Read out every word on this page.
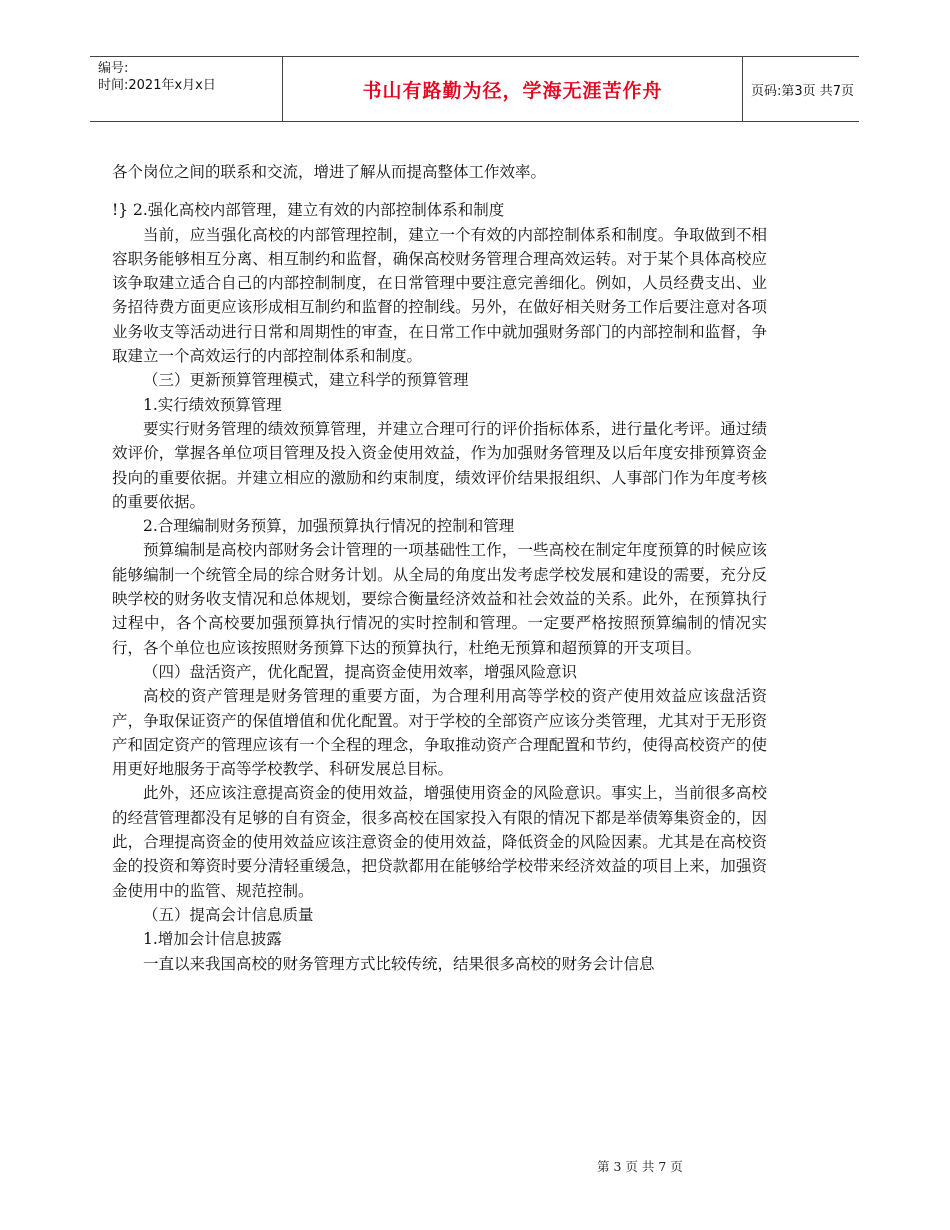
编号:
时间:2021年x月x日	书山有路勤为径，学海无涯苦作舟	页码:第3页 共7页

各个岗位之间的联系和交流，增进了解从而提高整体工作效率。

!} 2.强化高校内部管理，建立有效的内部控制体系和制度

当前，应当强化高校的内部管理控制，建立一个有效的内部控制体系和制度。争取做到不相容职务能够相互分离、相互制约和监督，确保高校财务管理合理高效运转。对于某个具体高校应该争取建立适合自己的内部控制制度，在日常管理中要注意完善细化。例如，人员经费支出、业务招待费方面更应该形成相互制约和监督的控制线。另外，在做好相关财务工作后要注意对各项业务收支等活动进行日常和周期性的审查，在日常工作中就加强财务部门的内部控制和监督，争取建立一个高效运行的内部控制体系和制度。

（三）更新预算管理模式，建立科学的预算管理

1.实行绩效预算管理

要实行财务管理的绩效预算管理，并建立合理可行的评价指标体系，进行量化考评。通过绩效评价，掌握各单位项目管理及投入资金使用效益，作为加强财务管理及以后年度安排预算资金投向的重要依据。并建立相应的激励和约束制度，绩效评价结果报组织、人事部门作为年度考核的重要依据。

2.合理编制财务预算，加强预算执行情况的控制和管理

预算编制是高校内部财务会计管理的一项基础性工作，一些高校在制定年度预算的时候应该能够编制一个统管全局的综合财务计划。从全局的角度出发考虑学校发展和建设的需要，充分反映学校的财务收支情况和总体规划，要综合衡量经济效益和社会效益的关系。此外，在预算执行过程中，各个高校要加强预算执行情况的实时控制和管理。一定要严格按照预算编制的情况实行，各个单位也应该按照财务预算下达的预算执行，杜绝无预算和超预算的开支项目。

（四）盘活资产，优化配置，提高资金使用效率，增强风险意识

高校的资产管理是财务管理的重要方面，为合理利用高等学校的资产使用效益应该盘活资产，争取保证资产的保值增值和优化配置。对于学校的全部资产应该分类管理，尤其对于无形资产和固定资产的管理应该有一个全程的理念，争取推动资产合理配置和节约，使得高校资产的使用更好地服务于高等学校教学、科研发展总目标。

此外，还应该注意提高资金的使用效益，增强使用资金的风险意识。事实上，当前很多高校的经营管理都没有足够的自有资金，很多高校在国家投入有限的情况下都是举债筹集资金的，因此，合理提高资金的使用效益应该注意资金的使用效益，降低资金的风险因素。尤其是在高校资金的投资和筹资时要分清轻重缓急，把贷款都用在能够给学校带来经济效益的项目上来，加强资金使用中的监管、规范控制。

（五）提高会计信息质量

1.增加会计信息披露

一直以来我国高校的财务管理方式比较传统，结果很多高校的财务会计信息

第 3 页 共 7 页
